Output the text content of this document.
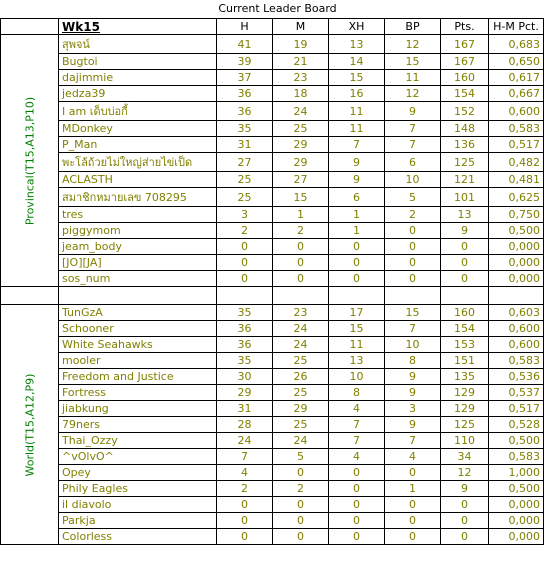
Current Leader Board
	Wk15	H	M	XH	BP	Pts.	H-M Pct.

Provincal(T15,A13,P10)	สุพจน์	41	19	13	12	167	0,683
	Bugtoi	39	21	14	15	167	0,650
	dajimmie	37	23	15	11	160	0,617
	jedza39	36	18	16	12	154	0,667
	I am เด็บบ่อกี้	36	24	11	9	152	0,600
	MDonkey	35	25	11	7	148	0,583
	P_Man	31	29	7	7	136	0,517
	พะโล้ถ้วยไม่ใหญ่ส่ายไข่เป็ด	27	29	9	6	125	0,482
	ACLASTH	25	27	9	10	121	0,481
	สมาชิกหมายเลข 708295	25	15	6	5	101	0,625
	tres	3	1	1	2	13	0,750
	piggymom	2	2	1	0	9	0,500
	jeam_body	0	0	0	0	0	0,000
	[JO][JA]	0	0	0	0	0	0,000
	sos_num	0	0	0	0	0	0,000

World(T15,A12,P9)	TunGzA	35	23	17	15	160	0,603
	Schooner	36	24	15	7	154	0,600
	White Seahawks	36	24	11	10	153	0,600
	mooler	35	25	13	8	151	0,583
	Freedom and Justice	30	26	10	9	135	0,536
	Fortress	29	25	8	9	129	0,537
	jiabkung	31	29	4	3	129	0,517
	79ners	28	25	7	9	125	0,528
	Thai_Ozzy	24	24	7	7	110	0,500
	^vOlvO^	7	5	4	4	34	0,583
	Opey	4	0	0	0	12	1,000
	Phily Eagles	2	2	0	1	9	0,500
	il diavolo	0	0	0	0	0	0,000
	Parkja	0	0	0	0	0	0,000
	Colorless	0	0	0	0	0	0,000
